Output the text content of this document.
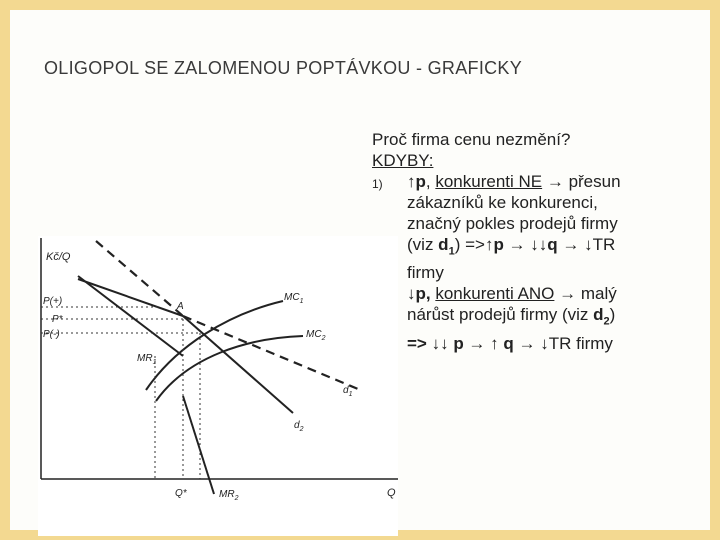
OLIGOPOL SE ZALOMENOU POPTÁVKOU - GRAFICKY
Proč firma cenu nezmění?
KDYBY:
1) ↑p, konkurenti NE → přesun
zákazníků ke konkurenci,
značný pokles prodejů firmy
(viz $d_1$) =>↑p → ↓↓q → ↓TR
firmy
↓p, konkurenti ANO → malý
nárůst prodejů firmy (viz $d_2$)
=> ↓↓ p → ↑ q → ↓TR firmy
Kč/Q
Q
P(+)
P*
P(-)
Q*
A
$MC_1$
$MC_2$
$MR_1$
$MR_2$
$d_1$
$d_2$
